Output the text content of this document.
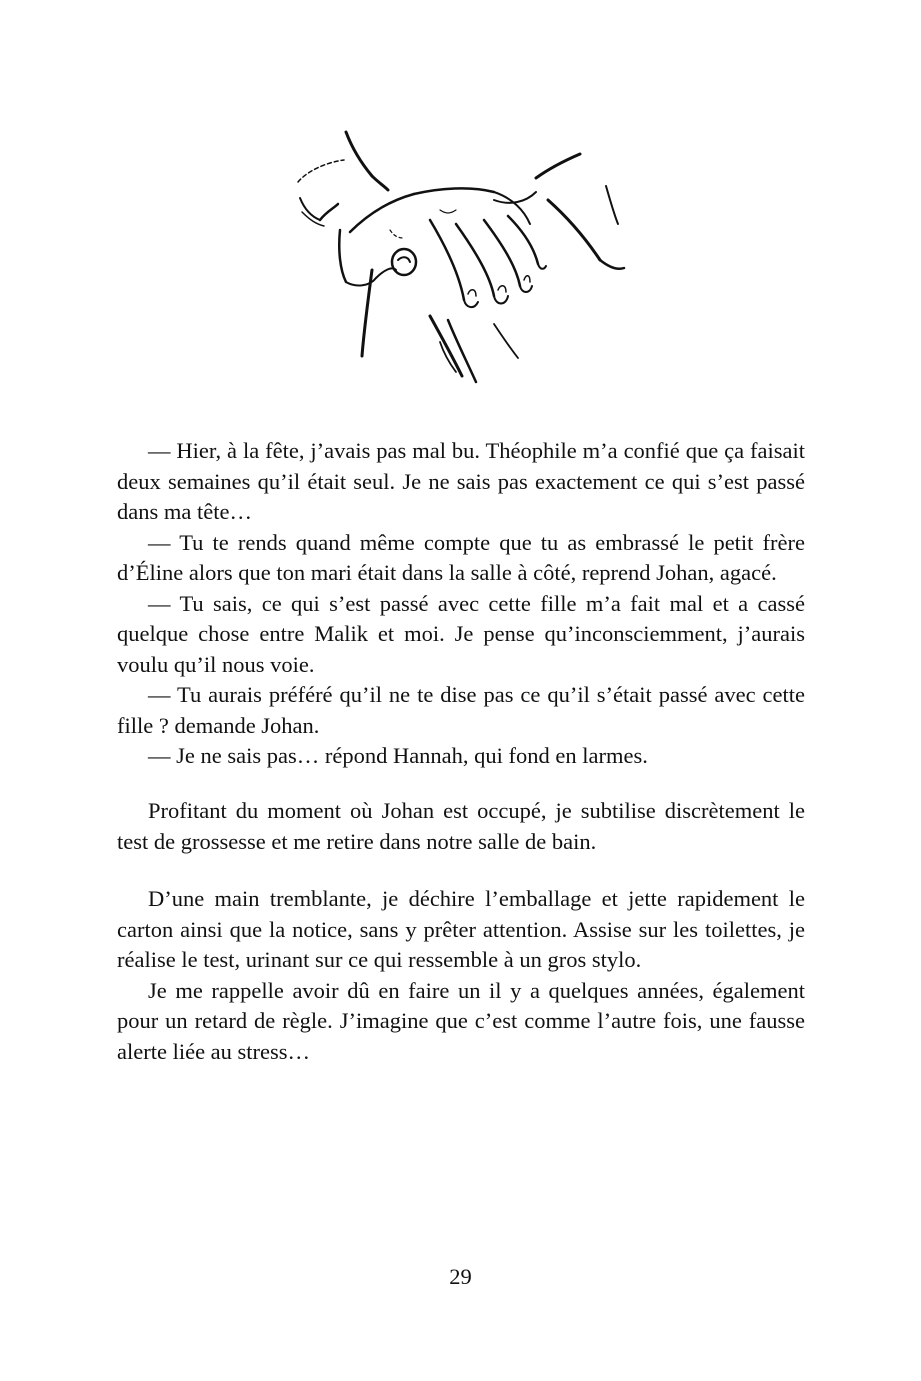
— Hier, à la fête, j’avais pas mal bu. Théophile m’a confié que ça faisait deux semaines qu’il était seul. Je ne sais pas exactement ce qui s’est passé dans ma tête…

— Tu te rends quand même compte que tu as embrassé le petit frère d’Éline alors que ton mari était dans la salle à côté, reprend Johan, agacé.

— Tu sais, ce qui s’est passé avec cette fille m’a fait mal et a cassé quelque chose entre Malik et moi. Je pense qu’inconsciemment, j’aurais voulu qu’il nous voie.

— Tu aurais préféré qu’il ne te dise pas ce qu’il s’était passé avec cette fille ? demande Johan.

— Je ne sais pas… répond Hannah, qui fond en larmes.

Profitant du moment où Johan est occupé, je subtilise discrètement le test de grossesse et me retire dans notre salle de bain.

D’une main tremblante, je déchire l’emballage et jette rapidement le carton ainsi que la notice, sans y prêter attention. Assise sur les toilettes, je réalise le test, urinant sur ce qui ressemble à un gros stylo.

Je me rappelle avoir dû en faire un il y a quelques années, également pour un retard de règle. J’imagine que c’est comme l’autre fois, une fausse alerte liée au stress…

29
